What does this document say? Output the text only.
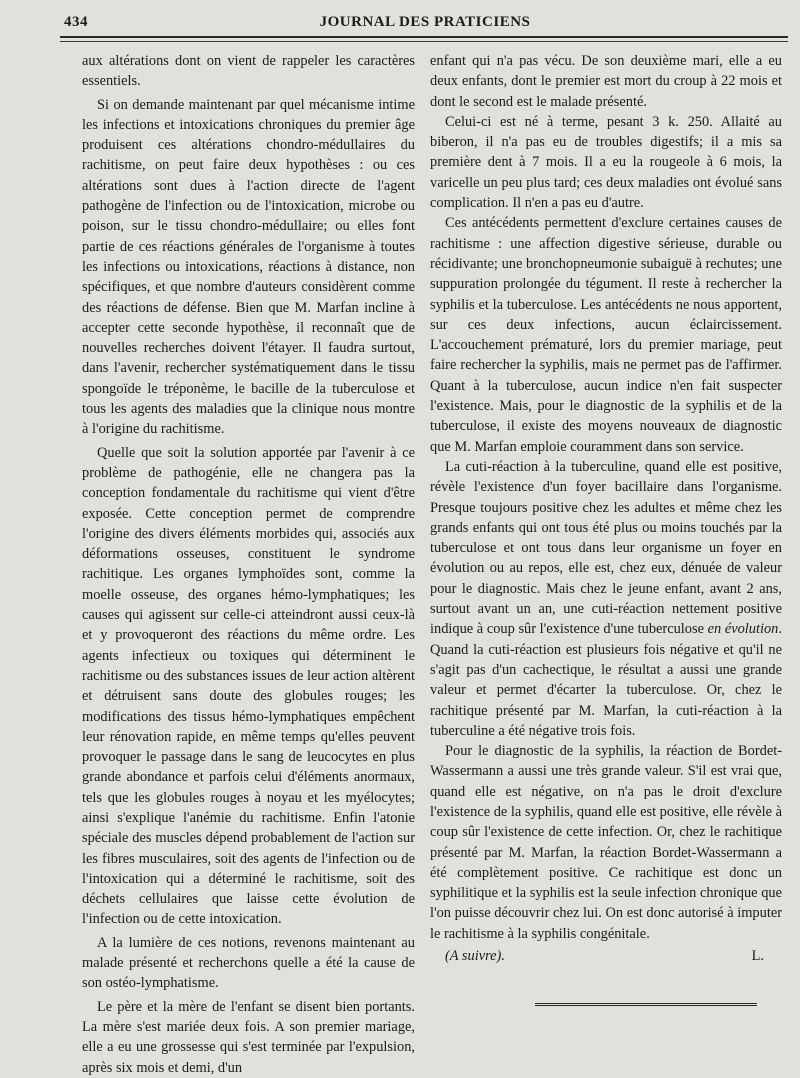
434	JOURNAL DES PRATICIENS

aux altérations dont on vient de rappeler les caractères essentiels.

Si on demande maintenant par quel mécanisme intime les infections et intoxications chroniques du premier âge produisent ces altérations chondro-médullaires du rachitisme, on peut faire deux hypothèses : ou ces altérations sont dues à l'action directe de l'agent pathogène de l'infection ou de l'intoxication, microbe ou poison, sur le tissu chondro-médullaire; ou elles font partie de ces réactions générales de l'organisme à toutes les infections ou intoxications, réactions à distance, non spécifiques, et que nombre d'auteurs considèrent comme des réactions de défense. Bien que M. Marfan incline à accepter cette seconde hypothèse, il reconnaît que de nouvelles recherches doivent l'étayer. Il faudra surtout, dans l'avenir, rechercher systématiquement dans le tissu spongoïde le tréponème, le bacille de la tuberculose et tous les agents des maladies que la clinique nous montre à l'origine du rachitisme.

Quelle que soit la solution apportée par l'avenir à ce problème de pathogénie, elle ne changera pas la conception fondamentale du rachitisme qui vient d'être exposée. Cette conception permet de comprendre l'origine des divers éléments morbides qui, associés aux déformations osseuses, constituent le syndrome rachitique. Les organes lymphoïdes sont, comme la moelle osseuse, des organes hémo-lymphatiques; les causes qui agissent sur celle-ci atteindront aussi ceux-là et y provoqueront des réactions du même ordre. Les agents infectieux ou toxiques qui déterminent le rachitisme ou des substances issues de leur action altèrent et détruisent sans doute des globules rouges; les modifications des tissus hémo-lymphatiques empêchent leur rénovation rapide, en même temps qu'elles peuvent provoquer le passage dans le sang de leucocytes en plus grande abondance et parfois celui d'éléments anormaux, tels que les globules rouges à noyau et les myélocytes; ainsi s'explique l'anémie du rachitisme. Enfin l'atonie spéciale des muscles dépend probablement de l'action sur les fibres musculaires, soit des agents de l'infection ou de l'intoxication qui a déterminé le rachitisme, soit des déchets cellulaires que laisse cette évolution de l'infection ou de cette intoxication.

A la lumière de ces notions, revenons maintenant au malade présenté et recherchons quelle a été la cause de son ostéo-lymphatisme.

Le père et la mère de l'enfant se disent bien portants. La mère s'est mariée deux fois. A son premier mariage, elle a eu une grossesse qui s'est terminée par l'expulsion, après six mois et demi, d'un

enfant qui n'a pas vécu. De son deuxième mari, elle a eu deux enfants, dont le premier est mort du croup à 22 mois et dont le second est le malade présenté.

Celui-ci est né à terme, pesant 3 k. 250. Allaité au biberon, il n'a pas eu de troubles digestifs; il a mis sa première dent à 7 mois. Il a eu la rougeole à 6 mois, la varicelle un peu plus tard; ces deux maladies ont évolué sans complication. Il n'en a pas eu d'autre.

Ces antécédents permettent d'exclure certaines causes de rachitisme : une affection digestive sérieuse, durable ou récidivante; une bronchopneumonie subaiguë à rechutes; une suppuration prolongée du tégument. Il reste à rechercher la syphilis et la tuberculose. Les antécédents ne nous apportent, sur ces deux infections, aucun éclaircissement. L'accouchement prématuré, lors du premier mariage, peut faire rechercher la syphilis, mais ne permet pas de l'affirmer. Quant à la tuberculose, aucun indice n'en fait suspecter l'existence. Mais, pour le diagnostic de la syphilis et de la tuberculose, il existe des moyens nouveaux de diagnostic que M. Marfan emploie couramment dans son service.

La cuti-réaction à la tuberculine, quand elle est positive, révèle l'existence d'un foyer bacillaire dans l'organisme. Presque toujours positive chez les adultes et même chez les grands enfants qui ont tous été plus ou moins touchés par la tuberculose et ont tous dans leur organisme un foyer en évolution ou au repos, elle est, chez eux, dénuée de valeur pour le diagnostic. Mais chez le jeune enfant, avant 2 ans, surtout avant un an, une cuti-réaction nettement positive indique à coup sûr l'existence d'une tuberculose en évolution. Quand la cuti-réaction est plusieurs fois négative et qu'il ne s'agit pas d'un cachectique, le résultat a aussi une grande valeur et permet d'écarter la tuberculose. Or, chez le rachitique présenté par M. Marfan, la cuti-réaction à la tuberculine a été négative trois fois.

Pour le diagnostic de la syphilis, la réaction de Bordet-Wassermann a aussi une très grande valeur. S'il est vrai que, quand elle est négative, on n'a pas le droit d'exclure l'existence de la syphilis, quand elle est positive, elle révèle à coup sûr l'existence de cette infection. Or, chez le rachitique présenté par M. Marfan, la réaction Bordet-Wassermann a été complètement positive. Ce rachitique est donc un syphilitique et la syphilis est la seule infection chronique que l'on puisse découvrir chez lui. On est donc autorisé à imputer le rachitisme à la syphilis congénitale.

(A suivre).	L.
